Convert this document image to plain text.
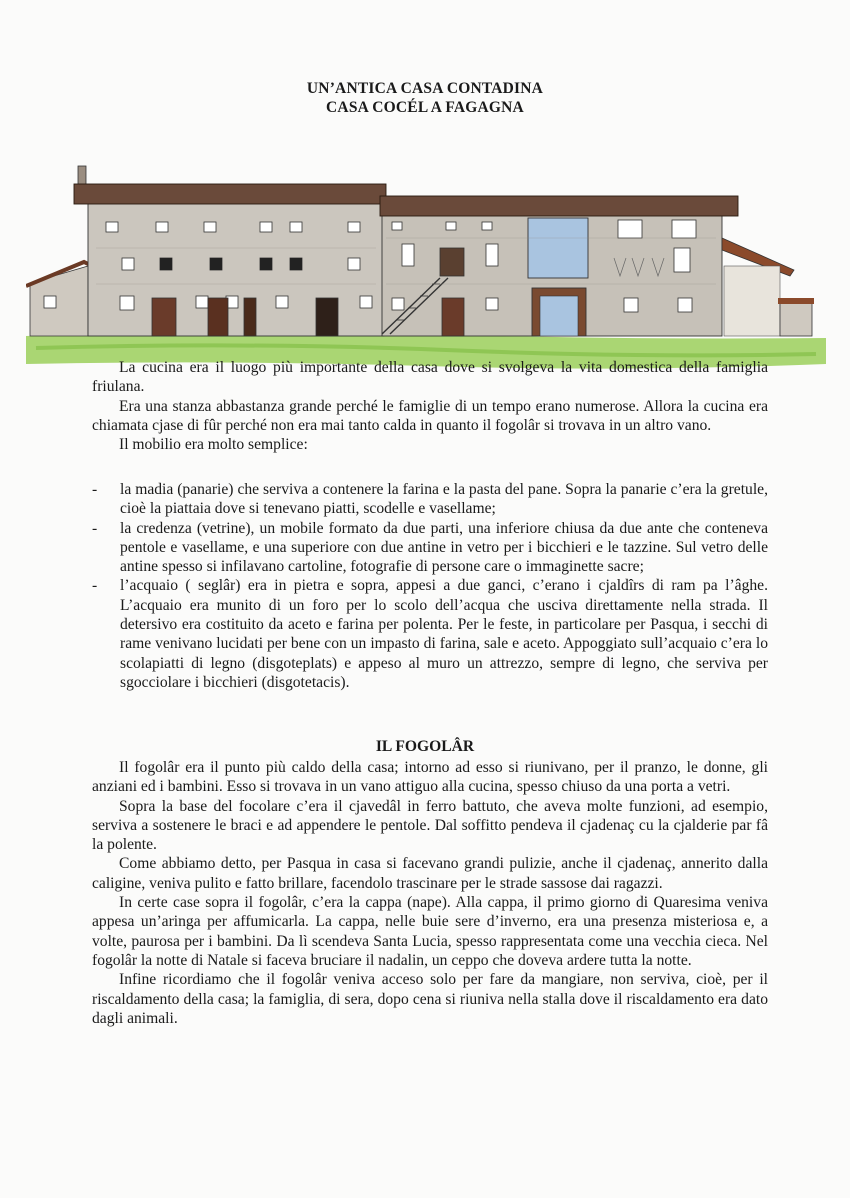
UN’ANTICA CASA CONTADINA
CASA COCÉL A FAGAGNA

La cucina era il luogo più importante della casa dove si svolgeva la vita domestica della famiglia friulana.

Era una stanza abbastanza grande perché le famiglie di un tempo erano numerose. Allora la cucina era chiamata cjase di fûr perché non era mai tanto calda in quanto il fogolâr si trovava in un altro vano.

Il mobilio era molto semplice:

- la madia (panarie) che serviva a contenere la farina e la pasta del pane. Sopra la panarie c’era la gretule, cioè la piattaia dove si tenevano piatti, scodelle e vasellame;
- la credenza (vetrine), un mobile formato da due parti, una inferiore chiusa da due ante che conteneva pentole e vasellame, e una superiore con due antine in vetro per i bicchieri e le tazzine. Sul vetro delle antine spesso si infilavano cartoline, fotografie di persone care o immaginette sacre;
- l’acquaio ( seglâr) era in pietra e sopra, appesi a due ganci, c’erano i cjaldîrs di ram pa l’âghe. L’acquaio era munito di un foro per lo scolo dell’acqua che usciva direttamente nella strada. Il detersivo era costituito da aceto e farina per polenta. Per le feste, in particolare per Pasqua, i secchi di rame venivano lucidati per bene con un impasto di farina, sale e aceto. Appoggiato sull’acquaio c’era lo scolapiatti di legno (disgoteplats) e appeso al muro un attrezzo, sempre di legno, che serviva per sgocciolare i bicchieri (disgotetacis).
IL FOGOLÂR

Il fogolâr era il punto più caldo della casa; intorno ad esso si riunivano, per il pranzo, le donne, gli anziani ed i bambini. Esso si trovava in un vano attiguo alla cucina, spesso chiuso da una porta a vetri.

Sopra la base del focolare c’era il cjavedâl in ferro battuto, che aveva molte funzioni, ad esempio, serviva a sostenere le braci e ad appendere le pentole. Dal soffitto pendeva il cjadenaç cu la cjalderie par fâ la polente.

Come abbiamo detto, per Pasqua in casa si facevano grandi pulizie, anche il cjadenaç, annerito dalla caligine, veniva pulito e fatto brillare, facendolo trascinare per le strade sassose dai ragazzi.

In certe case sopra il fogolâr, c’era la cappa (nape). Alla cappa, il primo giorno di Quaresima veniva appesa un’aringa per affumicarla. La cappa, nelle buie sere d’inverno, era una presenza misteriosa e, a volte, paurosa per i bambini. Da lì scendeva Santa Lucia, spesso rappresentata come una vecchia cieca. Nel fogolâr la notte di Natale si faceva bruciare il nadalin, un ceppo che doveva ardere tutta la notte.

Infine ricordiamo che il fogolâr veniva acceso solo per fare da mangiare, non serviva, cioè, per il riscaldamento della casa; la famiglia, di sera, dopo cena si riuniva nella stalla dove il riscaldamento era dato dagli animali.
